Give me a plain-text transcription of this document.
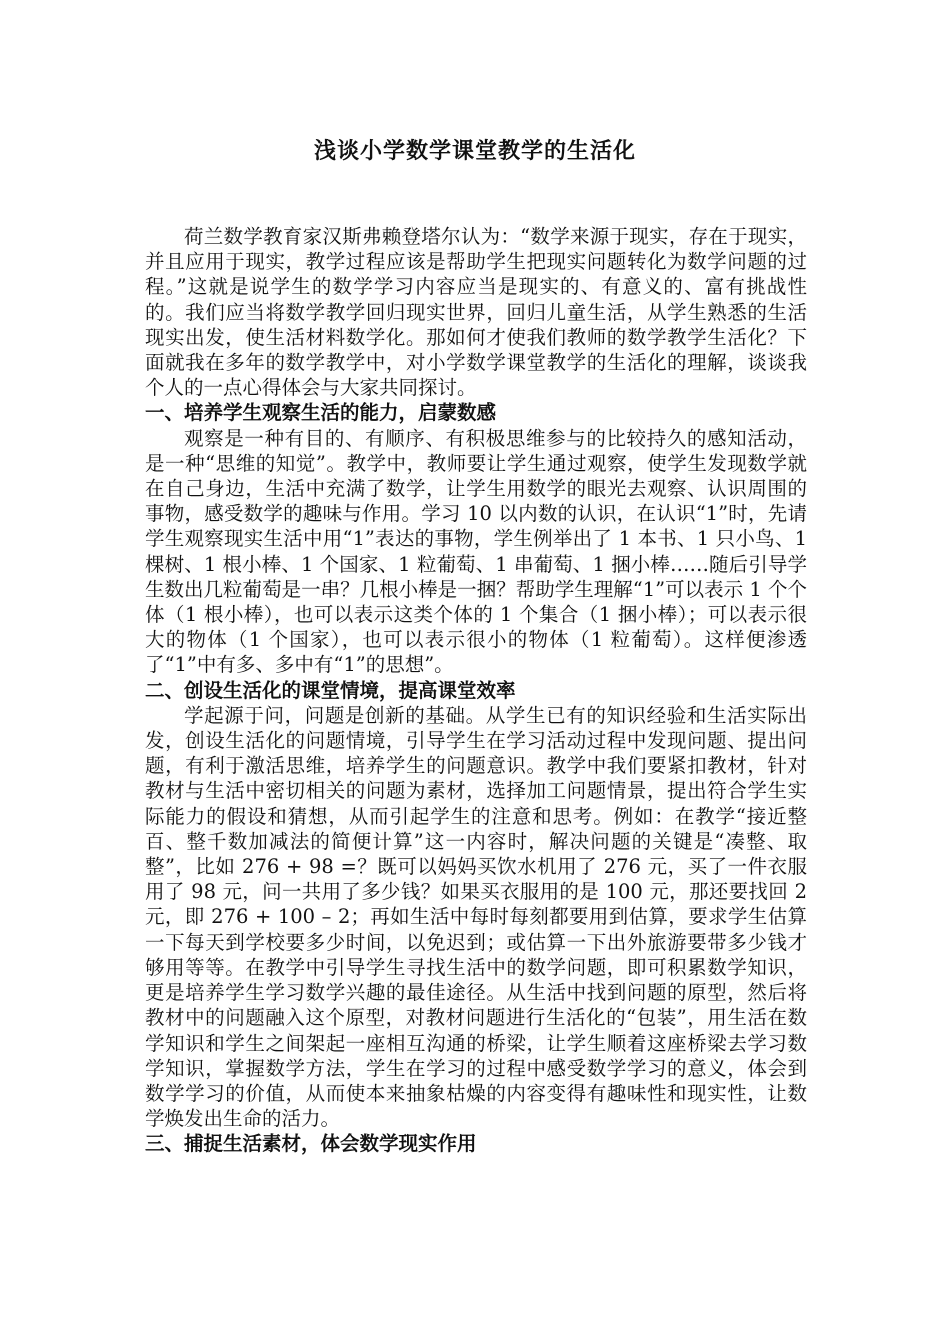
浅谈小学数学课堂教学的生活化

荷兰数学教育家汉斯弗赖登塔尔认为：“数学来源于现实，存在于现实，并且应用于现实，教学过程应该是帮助学生把现实问题转化为数学问题的过程。”这就是说学生的数学学习内容应当是现实的、有意义的、富有挑战性的。我们应当将数学教学回归现实世界，回归儿童生活，从学生熟悉的生活现实出发，使生活材料数学化。那如何才使我们教师的数学教学生活化？下面就我在多年的数学教学中，对小学数学课堂教学的生活化的理解，谈谈我个人的一点心得体会与大家共同探讨。

一、培养学生观察生活的能力，启蒙数感

观察是一种有目的、有顺序、有积极思维参与的比较持久的感知活动，是一种“思维的知觉”。教学中，教师要让学生通过观察，使学生发现数学就在自己身边，生活中充满了数学，让学生用数学的眼光去观察、认识周围的事物，感受数学的趣味与作用。学习 10 以内数的认识，在认识“1”时，先请学生观察现实生活中用“1”表达的事物，学生例举出了 1 本书、1 只小鸟、1 棵树、1 根小棒、1 个国家、1 粒葡萄、1 串葡萄、1 捆小棒……随后引导学生数出几粒葡萄是一串？几根小棒是一捆？帮助学生理解“1”可以表示 1 个个体（1 根小棒），也可以表示这类个体的 1 个集合（1 捆小棒）；可以表示很大的物体（1 个国家），也可以表示很小的物体（1 粒葡萄）。这样便渗透了“1”中有多、多中有“1”的思想”。

二、创设生活化的课堂情境，提高课堂效率

学起源于问，问题是创新的基础。从学生已有的知识经验和生活实际出发，创设生活化的问题情境，引导学生在学习活动过程中发现问题、提出问题，有利于激活思维，培养学生的问题意识。教学中我们要紧扣教材，针对教材与生活中密切相关的问题为素材，选择加工问题情景，提出符合学生实际能力的假设和猜想，从而引起学生的注意和思考。例如：在教学“接近整百、整千数加减法的简便计算”这一内容时，解决问题的关键是“凑整、取整”，比如 276 + 98 =？既可以妈妈买饮水机用了 276 元，买了一件衣服用了 98 元，问一共用了多少钱？如果买衣服用的是 100 元，那还要找回 2 元，即 276 + 100 – 2；再如生活中每时每刻都要用到估算，要求学生估算一下每天到学校要多少时间，以免迟到；或估算一下出外旅游要带多少钱才够用等等。在教学中引导学生寻找生活中的数学问题，即可积累数学知识，更是培养学生学习数学兴趣的最佳途径。从生活中找到问题的原型，然后将教材中的问题融入这个原型，对教材问题进行生活化的“包装”，用生活在数学知识和学生之间架起一座相互沟通的桥梁，让学生顺着这座桥梁去学习数学知识，掌握数学方法，学生在学习的过程中感受数学学习的意义，体会到数学学习的价值，从而使本来抽象枯燥的内容变得有趣味性和现实性，让数学焕发出生命的活力。

三、捕捉生活素材，体会数学现实作用
